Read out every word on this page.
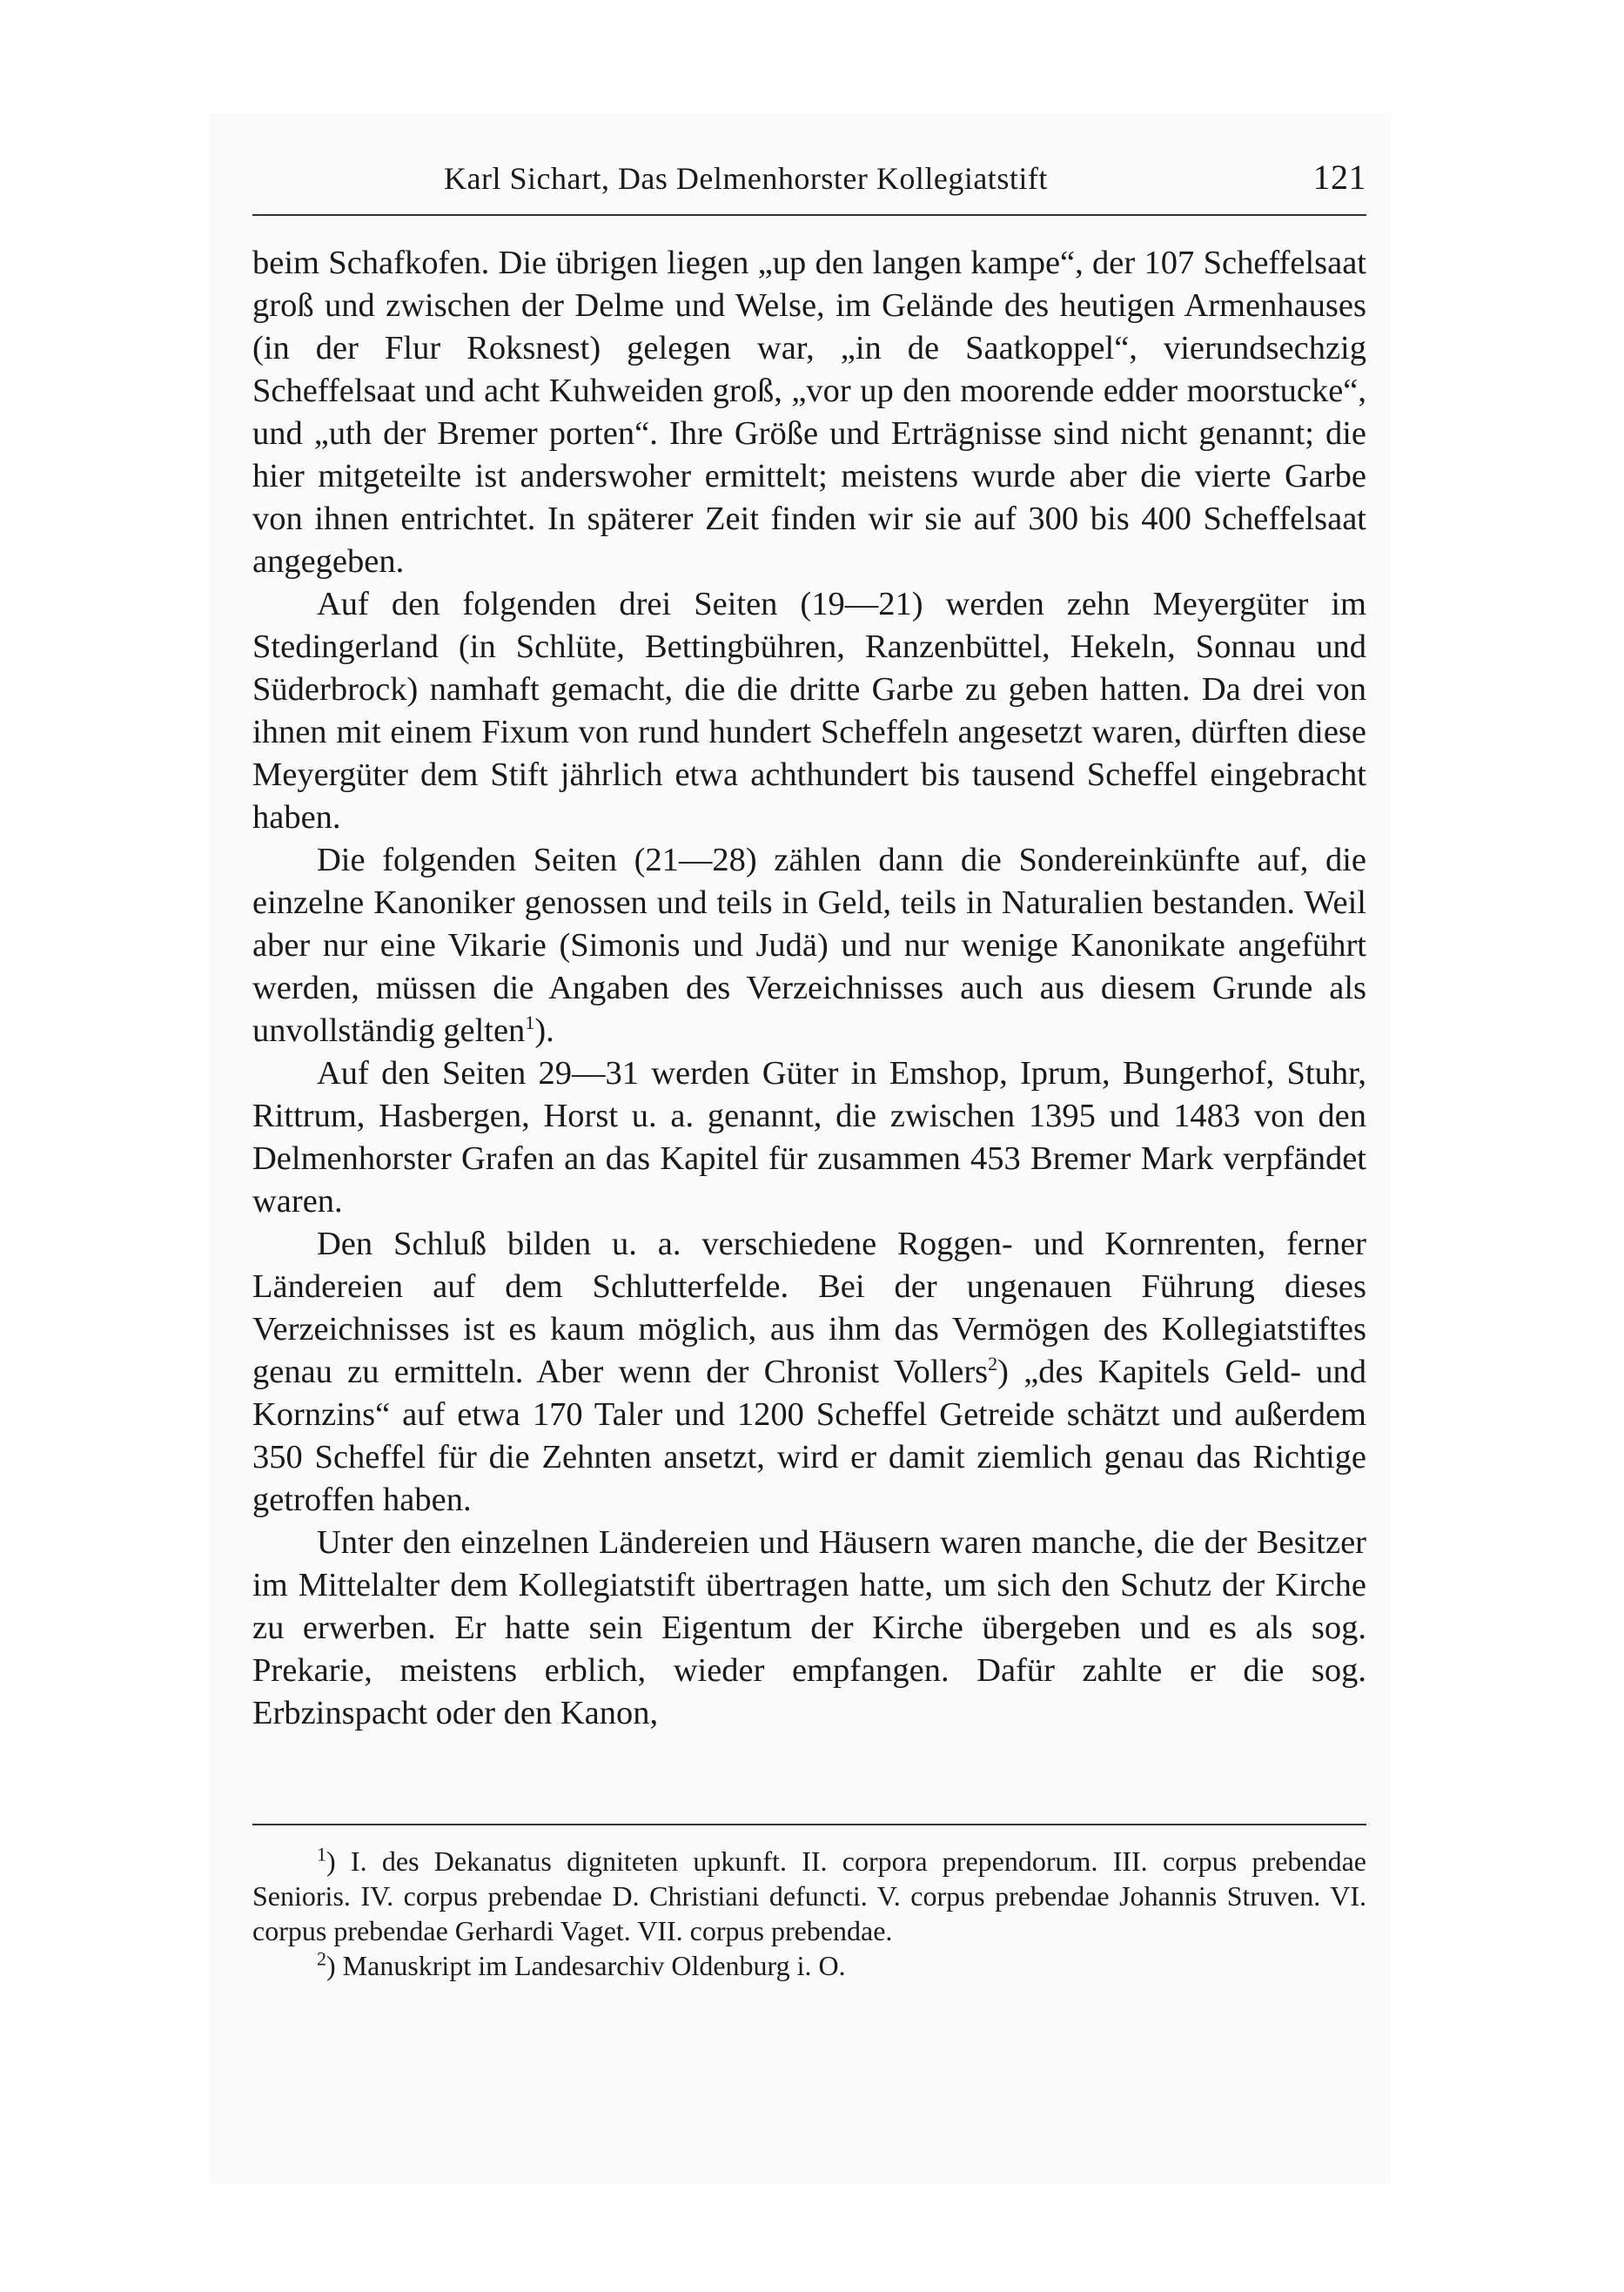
Karl Sichart, Das Delmenhorster Kollegiatstift	121

beim Schafkofen. Die übrigen liegen „up den langen kampe“, der 107 Scheffelsaat groß und zwischen der Delme und Welse, im Gelände des heutigen Armenhauses (in der Flur Roksnest) gelegen war, „in de Saatkoppel“, vierundsechzig Scheffelsaat und acht Kuhweiden groß, „vor up den moorende edder moorstucke“, und „uth der Bremer porten“. Ihre Größe und Erträgnisse sind nicht genannt; die hier mitgeteilte ist anderswoher ermittelt; meistens wurde aber die vierte Garbe von ihnen entrichtet. In späterer Zeit finden wir sie auf 300 bis 400 Scheffelsaat angegeben.

Auf den folgenden drei Seiten (19—21) werden zehn Meyergüter im Stedingerland (in Schlüte, Bettingbühren, Ranzenbüttel, Hekeln, Sonnau und Süderbrock) namhaft gemacht, die die dritte Garbe zu geben hatten. Da drei von ihnen mit einem Fixum von rund hundert Scheffeln angesetzt waren, dürften diese Meyergüter dem Stift jährlich etwa achthundert bis tausend Scheffel eingebracht haben.

Die folgenden Seiten (21—28) zählen dann die Sondereinkünfte auf, die einzelne Kanoniker genossen und teils in Geld, teils in Naturalien bestanden. Weil aber nur eine Vikarie (Simonis und Judä) und nur wenige Kanonikate angeführt werden, müssen die Angaben des Verzeichnisses auch aus diesem Grunde als unvollständig gelten$^1$).

Auf den Seiten 29—31 werden Güter in Emshop, Iprum, Bungerhof, Stuhr, Rittrum, Hasbergen, Horst u. a. genannt, die zwischen 1395 und 1483 von den Delmenhorster Grafen an das Kapitel für zusammen 453 Bremer Mark verpfändet waren.

Den Schluß bilden u. a. verschiedene Roggen- und Kornrenten, ferner Ländereien auf dem Schlutterfelde. Bei der ungenauen Führung dieses Verzeichnisses ist es kaum möglich, aus ihm das Vermögen des Kollegiatstiftes genau zu ermitteln. Aber wenn der Chronist Vollers$^2$) „des Kapitels Geld- und Kornzins“ auf etwa 170 Taler und 1200 Scheffel Getreide schätzt und außerdem 350 Scheffel für die Zehnten ansetzt, wird er damit ziemlich genau das Richtige getroffen haben.

Unter den einzelnen Ländereien und Häusern waren manche, die der Besitzer im Mittelalter dem Kollegiatstift übertragen hatte, um sich den Schutz der Kirche zu erwerben. Er hatte sein Eigentum der Kirche übergeben und es als sog. Prekarie, meistens erblich, wieder empfangen. Dafür zahlte er die sog. Erbzinspacht oder den Kanon,

$^1$) I. des Dekanatus digniteten upkunft. II. corpora prependorum. III. corpus prebendae Senioris. IV. corpus prebendae D. Christiani defuncti. V. corpus prebendae Johannis Struven. VI. corpus prebendae Gerhardi Vaget. VII. corpus prebendae.

$^2$) Manuskript im Landesarchiv Oldenburg i. O.
